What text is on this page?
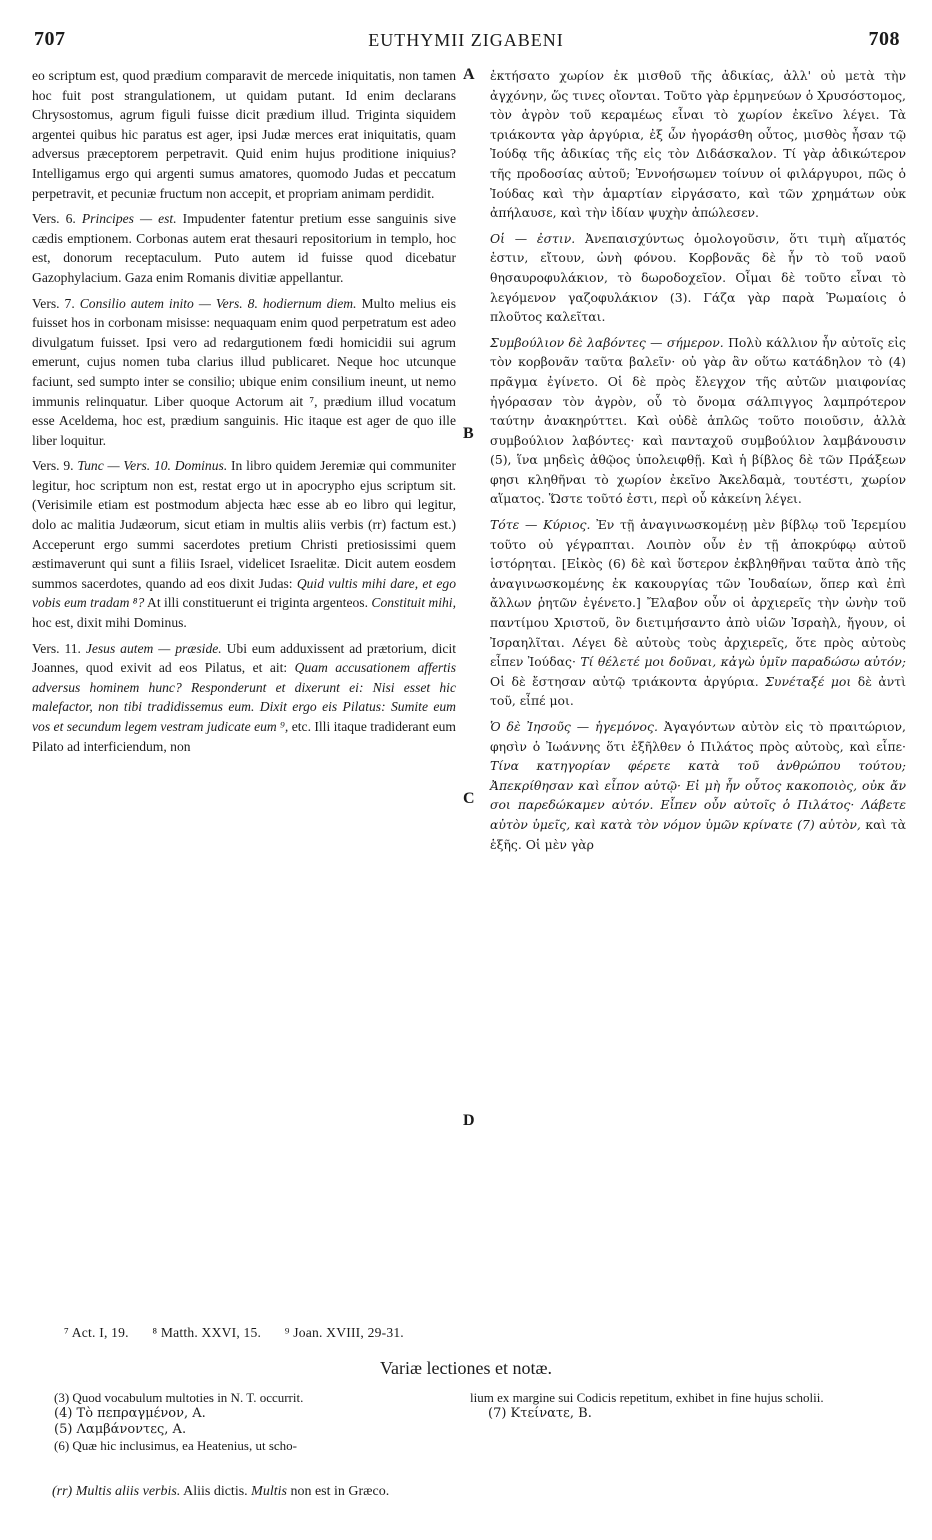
707	EUTHYMII ZIGABENI	708
A
B
C
D

eo scriptum est, quod prædium comparavit de mercede iniquitatis, non tamen hoc fuit post strangulationem, ut quidam putant. Id enim declarans Chrysostomus, agrum figuli fuisse dicit prædium illud. Triginta siquidem argentei quibus hic paratus est ager, ipsi Judæ merces erat iniquitatis, quam adversus præceptorem perpetravit. Quid enim hujus proditione iniquius? Intelligamus ergo qui argenti sumus amatores, quomodo Judas et peccatum perpetravit, et pecuniæ fructum non accepit, et propriam animam perdidit.

Vers. 6. Principes — est. Impudenter fatentur pretium esse sanguinis sive cædis emptionem. Corbonas autem erat thesauri repositorium in templo, hoc est, donorum receptaculum. Puto autem id fuisse quod dicebatur Gazophylacium. Gaza enim Romanis divitiæ appellantur.

Vers. 7. Consilio autem inito — Vers. 8. hodiernum diem. Multo melius eis fuisset hos in corbonam misisse: nequaquam enim quod perpetratum est adeo divulgatum fuisset. Ipsi vero ad redargutionem fœdi homicidii sui agrum emerunt, cujus nomen tuba clarius illud publicaret. Neque hoc utcunque faciunt, sed sumpto inter se consilio; ubique enim consilium ineunt, ut nemo immunis relinquatur. Liber quoque Actorum ait ⁷, prædium illud vocatum esse Aceldema, hoc est, prædium sanguinis. Hic itaque est ager de quo ille liber loquitur.

Vers. 9. Tunc — Vers. 10. Dominus. In libro quidem Jeremiæ qui communiter legitur, hoc scriptum non est, restat ergo ut in apocrypho ejus scriptum sit. (Verisimile etiam est postmodum abjecta hæc esse ab eo libro qui legitur, dolo ac malitia Judæorum, sicut etiam in multis aliis verbis (rr) factum est.) Acceperunt ergo summi sacerdotes pretium Christi pretiosissimi quem æstimaverunt qui sunt a filiis Israel, videlicet Israelitæ. Dicit autem eosdem summos sacerdotes, quando ad eos dixit Judas: Quid vultis mihi dare, et ego vobis eum tradam ⁸? At illi constituerunt ei triginta argenteos. Constituit mihi, hoc est, dixit mihi Dominus.

Vers. 11. Jesus autem — præside. Ubi eum adduxissent ad prætorium, dicit Joannes, quod exivit ad eos Pilatus, et ait: Quam accusationem affertis adversus hominem hunc? Responderunt et dixerunt ei: Nisi esset hic malefactor, non tibi tradidissemus eum. Dixit ergo eis Pilatus: Sumite eum vos et secundum legem vestram judicate eum ⁹, etc. Illi itaque tradiderant eum Pilato ad interficiendum, non

ἐκτήσατο χωρίον ἐκ μισθοῦ τῆς ἀδικίας, ἀλλ' οὐ μετὰ τὴν ἀγχόνην, ὥς τινες οἴονται. Τοῦτο γὰρ ἑρμηνεύων ὁ Χρυσόστομος, τὸν ἀγρὸν τοῦ κεραμέως εἶναι τὸ χωρίον ἐκεῖνο λέγει. Τὰ τριάκοντα γὰρ ἀργύρια, ἐξ ὧν ἠγοράσθη οὗτος, μισθὸς ἦσαν τῷ Ἰούδᾳ τῆς ἀδικίας τῆς εἰς τὸν Διδάσκαλον. Τί γὰρ ἀδικώτερον τῆς προδοσίας αὐτοῦ; Ἐννοήσωμεν τοίνυν οἱ φιλάργυροι, πῶς ὁ Ἰούδας καὶ τὴν ἁμαρτίαν εἰργάσατο, καὶ τῶν χρημάτων οὐκ ἀπήλαυσε, καὶ τὴν ἰδίαν ψυχὴν ἀπώλεσεν.

Οἱ — ἐστιν. Ἀνεπαισχύντως ὁμολογοῦσιν, ὅτι τιμὴ αἵματός ἐστιν, εἴτουν, ὠνὴ φόνου. Κορβονᾶς δὲ ἦν τὸ τοῦ ναοῦ θησαυροφυλάκιον, τὸ δωροδοχεῖον. Οἶμαι δὲ τοῦτο εἶναι τὸ λεγόμενον γαζοφυλάκιον (3). Γάζα γὰρ παρὰ Ῥωμαίοις ὁ πλοῦτος καλεῖται.

Συμβούλιον δὲ λαβόντες — σήμερον. Πολὺ κάλλιον ἦν αὐτοῖς εἰς τὸν κορβονᾶν ταῦτα βαλεῖν· οὐ γὰρ ἂν οὕτω κατάδηλον τὸ (4) πρᾶγμα ἐγίνετο. Οἱ δὲ πρὸς ἔλεγχον τῆς αὐτῶν μιαιφονίας ἠγόρασαν τὸν ἀγρὸν, οὗ τὸ ὄνομα σάλπιγγος λαμπρότερον ταύτην ἀνακηρύττει. Καὶ οὐδὲ ἁπλῶς τοῦτο ποιοῦσιν, ἀλλὰ συμβούλιον λαβόντες· καὶ πανταχοῦ συμβούλιον λαμβάνουσιν (5), ἵνα μηδεὶς ἀθῷος ὑπολειφθῇ. Καὶ ἡ βίβλος δὲ τῶν Πράξεων φησι κληθῆναι τὸ χωρίον ἐκεῖνο Ἀκελδαμὰ, τουτέστι, χωρίον αἵματος. Ὥστε τοῦτό ἐστι, περὶ οὗ κἀκείνη λέγει.

Τότε — Κύριος. Ἐν τῇ ἀναγινωσκομένῃ μὲν βίβλῳ τοῦ Ἱερεμίου τοῦτο οὐ γέγραπται. Λοιπὸν οὖν ἐν τῇ ἀποκρύφῳ αὐτοῦ ἱστόρηται. [Εἰκὸς (6) δὲ καὶ ὕστερον ἐκβληθῆναι ταῦτα ἀπὸ τῆς ἀναγινωσκομένης ἐκ κακουργίας τῶν Ἰουδαίων, ὅπερ καὶ ἐπὶ ἄλλων ῥητῶν ἐγένετο.] Ἔλαβον οὖν οἱ ἀρχιερεῖς τὴν ὠνὴν τοῦ παντίμου Χριστοῦ, ὃν διετιμήσαντο ἀπὸ υἱῶν Ἰσραὴλ, ἤγουν, οἱ Ἰσραηλῖται. Λέγει δὲ αὐτοὺς τοὺς ἀρχιερεῖς, ὅτε πρὸς αὐτοὺς εἶπεν Ἰούδας· Τί θέλετέ μοι δοῦναι, κἀγὼ ὑμῖν παραδώσω αὐτόν; Οἱ δὲ ἔστησαν αὐτῷ τριάκοντα ἀργύρια. Συνέταξέ μοι δὲ ἀντὶ τοῦ, εἶπέ μοι.

Ὁ δὲ Ἰησοῦς — ἡγεμόνος. Ἀγαγόντων αὐτὸν εἰς τὸ πραιτώριον, φησὶν ὁ Ἰωάννης ὅτι ἐξῆλθεν ὁ Πιλάτος πρὸς αὐτοὺς, καὶ εἶπε· Τίνα κατηγορίαν φέρετε κατὰ τοῦ ἀνθρώπου τούτου; Ἀπεκρίθησαν καὶ εἶπον αὐτῷ· Εἰ μὴ ἦν οὗτος κακοποιὸς, οὐκ ἄν σοι παρεδώκαμεν αὐτόν. Εἶπεν οὖν αὐτοῖς ὁ Πιλάτος· Λάβετε αὐτὸν ὑμεῖς, καὶ κατὰ τὸν νόμον ὑμῶν κρίνατε (7) αὐτὸν, καὶ τὰ ἑξῆς. Οἱ μὲν γὰρ

⁷ Act. I, 19. ⁸ Matth. XXVI, 15. ⁹ Joan. XVIII, 29-31.
Variæ lectiones et notæ.
(3) Quod vocabulum multoties in N. T. occurrit.
(4) Τὸ πεπραγμένον, A.
(5) Λαμβάνοντες, A.
(6) Quæ hic inclusimus, ea Heatenius, ut scho-
lium ex margine sui Codicis repetitum, exhibet in fine hujus scholii.
(7) Κτείνατε, B.
(rr) Multis aliis verbis. Aliis dictis. Multis non est in Græco.
